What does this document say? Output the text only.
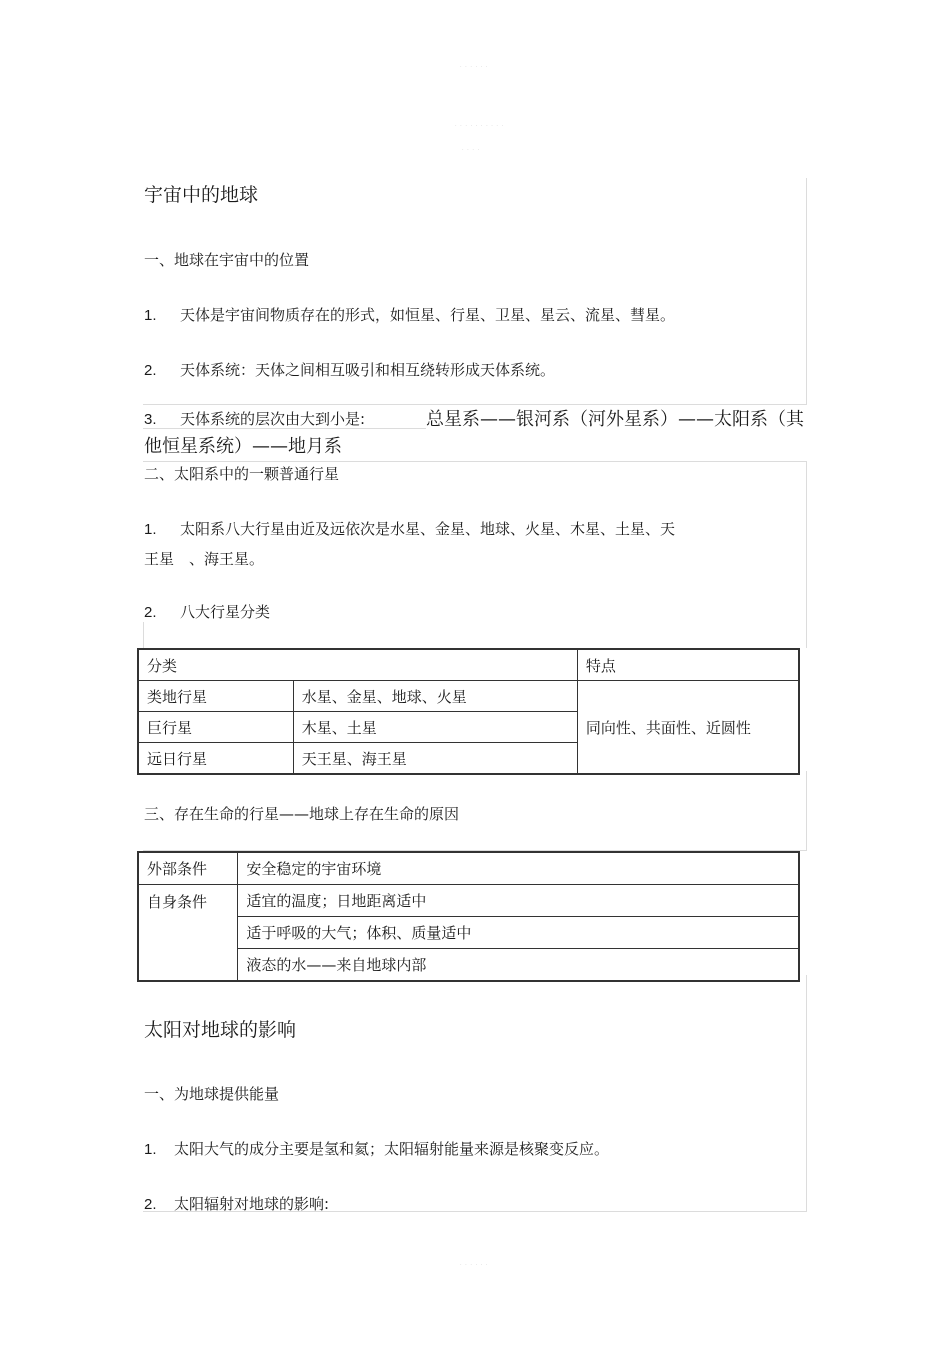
· · · · · ·
· · · · · · · · · ·
· · · ·
宇宙中的地球
一、地球在宇宙中的位置
1. 天体是宇宙间物质存在的形式，如恒星、行星、卫星、星云、流星、彗星。
2. 天体系统：天体之间相互吸引和相互绕转形成天体系统。
3. 天体系统的层次由大到小是:	总星系——银河系（河外星系）——太阳系（其
他恒星系统）——地月系
二、太阳系中的一颗普通行星
1. 太阳系八大行星由近及远依次是水星、金星、地球、火星、木星、土星、天
王星　、海王星。
2. 八大行星分类
分类		特点
类地行星	水星、金星、地球、火星	同向性、共面性、近圆性
巨行星	木星、土星	
远日行星	天王星、海王星	
三、存在生命的行星——地球上存在生命的原因
外部条件	安全稳定的宇宙环境
自身条件	适宜的温度；日地距离适中
	适于呼吸的大气；体积、质量适中
	液态的水——来自地球内部
太阳对地球的影响
一、为地球提供能量
1. 太阳大气的成分主要是氢和氦；太阳辐射能量来源是核聚变反应。
2. 太阳辐射对地球的影响:
· · · · · ·
